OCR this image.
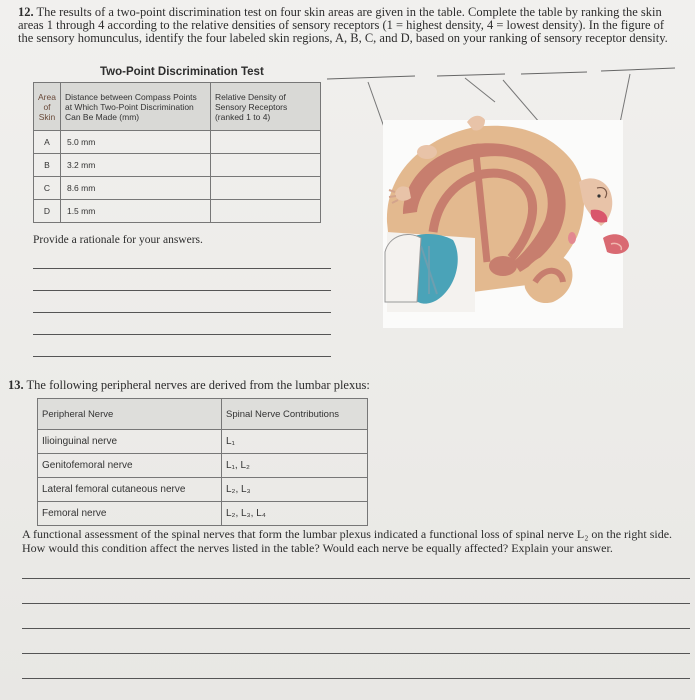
12. The results of a two-point discrimination test on four skin areas are given in the table. Complete the table by ranking the skin areas 1 through 4 according to the relative densities of sensory receptors (1 = highest density, 4 = lowest density). In the figure of the sensory homunculus, identify the four labeled skin regions, A, B, C, and D, based on your ranking of sensory receptor density.
Two-Point Discrimination Test
Area of Skin	Distance between Compass Points at Which Two-Point Discrimination Can Be Made (mm)	Relative Density of Sensory Receptors (ranked 1 to 4)
A	5.0 mm	
B	3.2 mm	
C	8.6 mm	
D	1.5 mm	
Provide a rationale for your answers.
13. The following peripheral nerves are derived from the lumbar plexus:
Peripheral Nerve	Spinal Nerve Contributions
Ilioinguinal nerve	L₁
Genitofemoral nerve	L₁, L₂
Lateral femoral cutaneous nerve	L₂, L₃
Femoral nerve	L₂, L₃, L₄
A functional assessment of the spinal nerves that form the lumbar plexus indicated a functional loss of spinal nerve L₂ on the right side. How would this condition affect the nerves listed in the table? Would each nerve be equally affected? Explain your answer.
